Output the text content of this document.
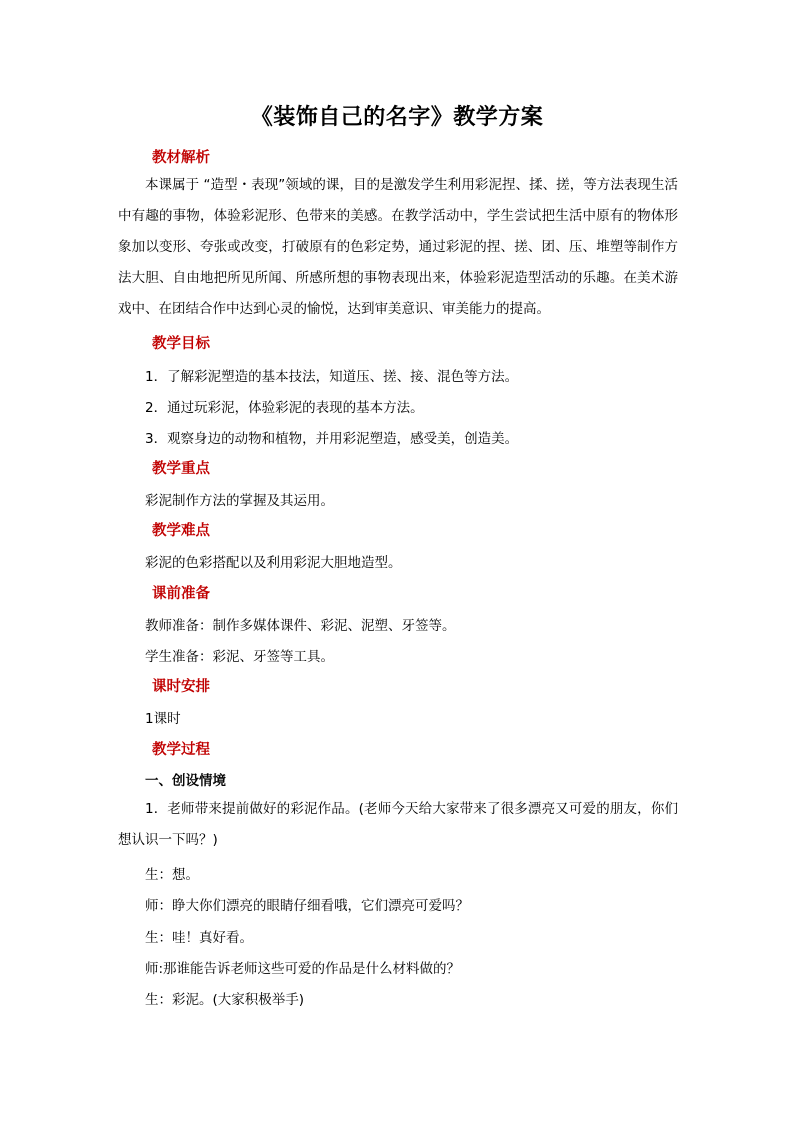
《装饰自己的名字》教学方案
教材解析
本课属于 “造型・表现”领域的课，目的是激发学生利用彩泥捏、揉、搓，等方法表现生活中有趣的事物，体验彩泥形、色带来的美感。在教学活动中，学生尝试把生活中原有的物体形象加以变形、夸张或改变，打破原有的色彩定势，通过彩泥的捏、搓、团、压、堆塑等制作方法大胆、自由地把所见所闻、所感所想的事物表现出来，体验彩泥造型活动的乐趣。在美术游戏中、在团结合作中达到心灵的愉悦，达到审美意识、审美能力的提高。
教学目标
1．了解彩泥塑造的基本技法，知道压、搓、接、混色等方法。
2．通过玩彩泥，体验彩泥的表现的基本方法。
3．观察身边的动物和植物，并用彩泥塑造，感受美，创造美。
教学重点
彩泥制作方法的掌握及其运用。
教学难点
彩泥的色彩搭配以及利用彩泥大胆地造型。
课前准备
教师准备：制作多媒体课件、彩泥、泥塑、牙签等。
学生准备：彩泥、牙签等工具。
课时安排
1课时
教学过程
一、创设情境
1．老师带来提前做好的彩泥作品。(老师今天给大家带来了很多漂亮又可爱的朋友，你们想认识一下吗？)
生：想。
师：睁大你们漂亮的眼睛仔细看哦，它们漂亮可爱吗？
生：哇！真好看。
师:那谁能告诉老师这些可爱的作品是什么材料做的？
生：彩泥。(大家积极举手)
